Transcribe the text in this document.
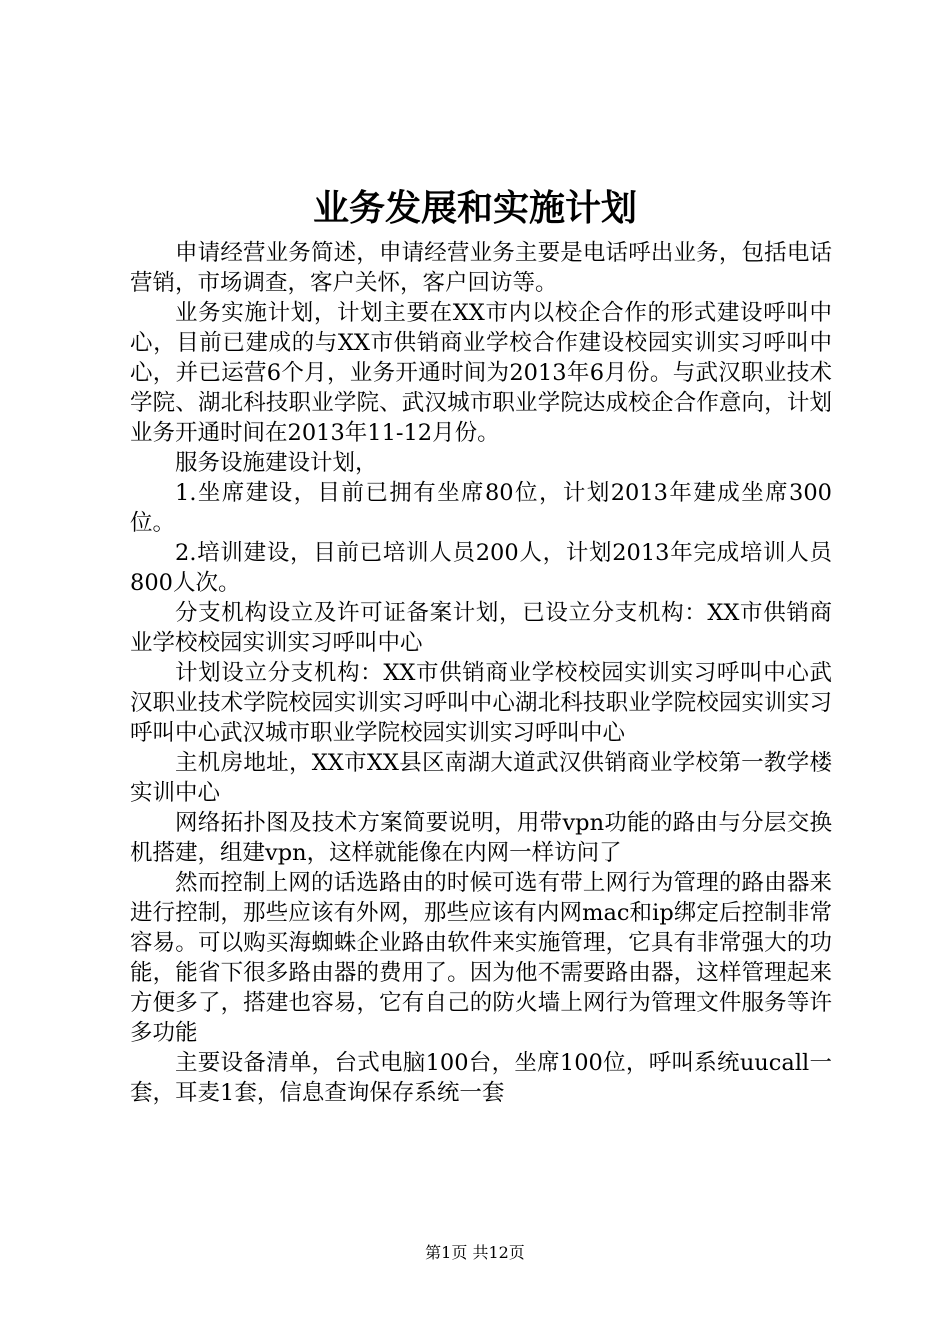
业务发展和实施计划

申请经营业务简述，申请经营业务主要是电话呼出业务，包括电话营销，市场调查，客户关怀，客户回访等。

业务实施计划，计划主要在XX市内以校企合作的形式建设呼叫中心，目前已建成的与XX市供销商业学校合作建设校园实训实习呼叫中心，并已运营6个月，业务开通时间为2013年6月份。与武汉职业技术学院、湖北科技职业学院、武汉城市职业学院达成校企合作意向，计划业务开通时间在2013年11-12月份。

服务设施建设计划，

1.坐席建设，目前已拥有坐席80位，计划2013年建成坐席300位。

2.培训建设，目前已培训人员200人，计划2013年完成培训人员800人次。

分支机构设立及许可证备案计划，已设立分支机构：XX市供销商业学校校园实训实习呼叫中心

计划设立分支机构：XX市供销商业学校校园实训实习呼叫中心武汉职业技术学院校园实训实习呼叫中心湖北科技职业学院校园实训实习呼叫中心武汉城市职业学院校园实训实习呼叫中心

主机房地址，XX市XX县区南湖大道武汉供销商业学校第一教学楼实训中心

网络拓扑图及技术方案简要说明，用带vpn功能的路由与分层交换机搭建，组建vpn，这样就能像在内网一样访问了

然而控制上网的话选路由的时候可选有带上网行为管理的路由器来进行控制，那些应该有外网，那些应该有内网mac和ip绑定后控制非常容易。可以购买海蜘蛛企业路由软件来实施管理，它具有非常强大的功能，能省下很多路由器的费用了。因为他不需要路由器，这样管理起来方便多了，搭建也容易，它有自己的防火墙上网行为管理文件服务等许多功能

主要设备清单，台式电脑100台，坐席100位，呼叫系统uucall一套，耳麦1套，信息查询保存系统一套

第1页 共12页
